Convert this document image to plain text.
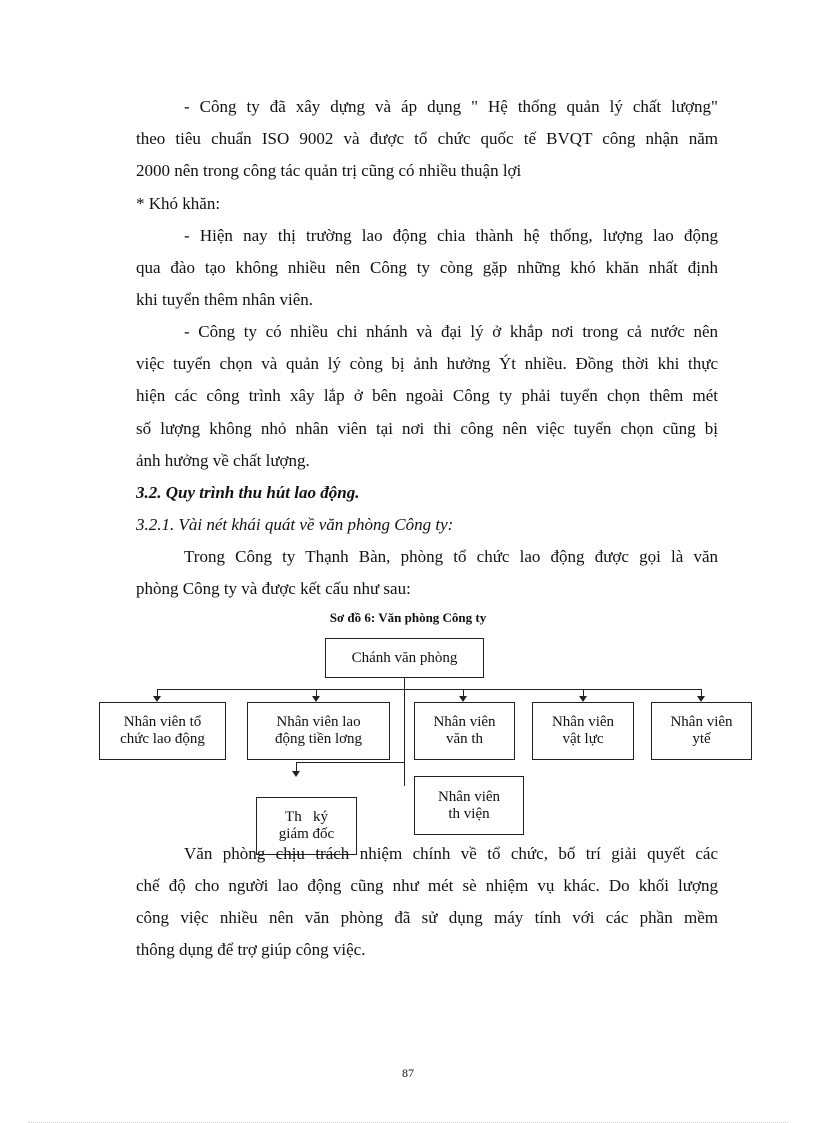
- Công ty đã xây dựng và áp dụng " Hệ thống quản lý chất lượng"
theo tiêu chuẩn ISO 9002 và được tổ chức quốc tế BVQT công nhận năm
2000 nên trong công tác quản trị cũng có nhiều thuận lợi
* Khó khăn:
- Hiện nay thị trường lao động chia thành hệ thống, lượng lao động
qua đào tạo không nhiều nên Công ty còng gặp những khó khăn nhất định
khi tuyển thêm nhân viên.
- Công ty có nhiều chi nhánh và đại lý ở khắp nơi trong cả nước nên
việc tuyển chọn và quản lý còng bị ảnh hưởng Ýt nhiều. Đồng thời khi thực
hiện các công trình xây lắp ở bên ngoài Công ty phải tuyển chọn thêm mét
số lượng không nhỏ nhân viên tại nơi thi công nên việc tuyển chọn cũng bị
ảnh hưởng về chất lượng.
3.2. Quy trình thu hút lao động.
3.2.1. Vài nét khái quát về văn phòng Công ty:
Trong Công ty Thạnh Bàn, phòng tổ chức lao động được gọi là văn
phòng Công ty và được kết cấu như sau:
Sơ đồ 6: Văn phòng Công ty
Chánh văn phòng
Nhân viên tổ
chức lao động
Nhân viên lao
động tiền lơng
Nhân viên
văn th
Nhân viên
vật lực
Nhân viên
ytế
Nhân viên
th viện
Th   ký
giám đốc
Văn phòng chịu trách nhiệm chính về tổ chức, bố trí giải quyết các
chế độ cho người lao động cũng như mét sè nhiệm vụ khác. Do khối lượng
công việc nhiều nên văn phòng đã sử dụng máy tính với các phần mềm
thông dụng để trợ giúp công việc.
87
